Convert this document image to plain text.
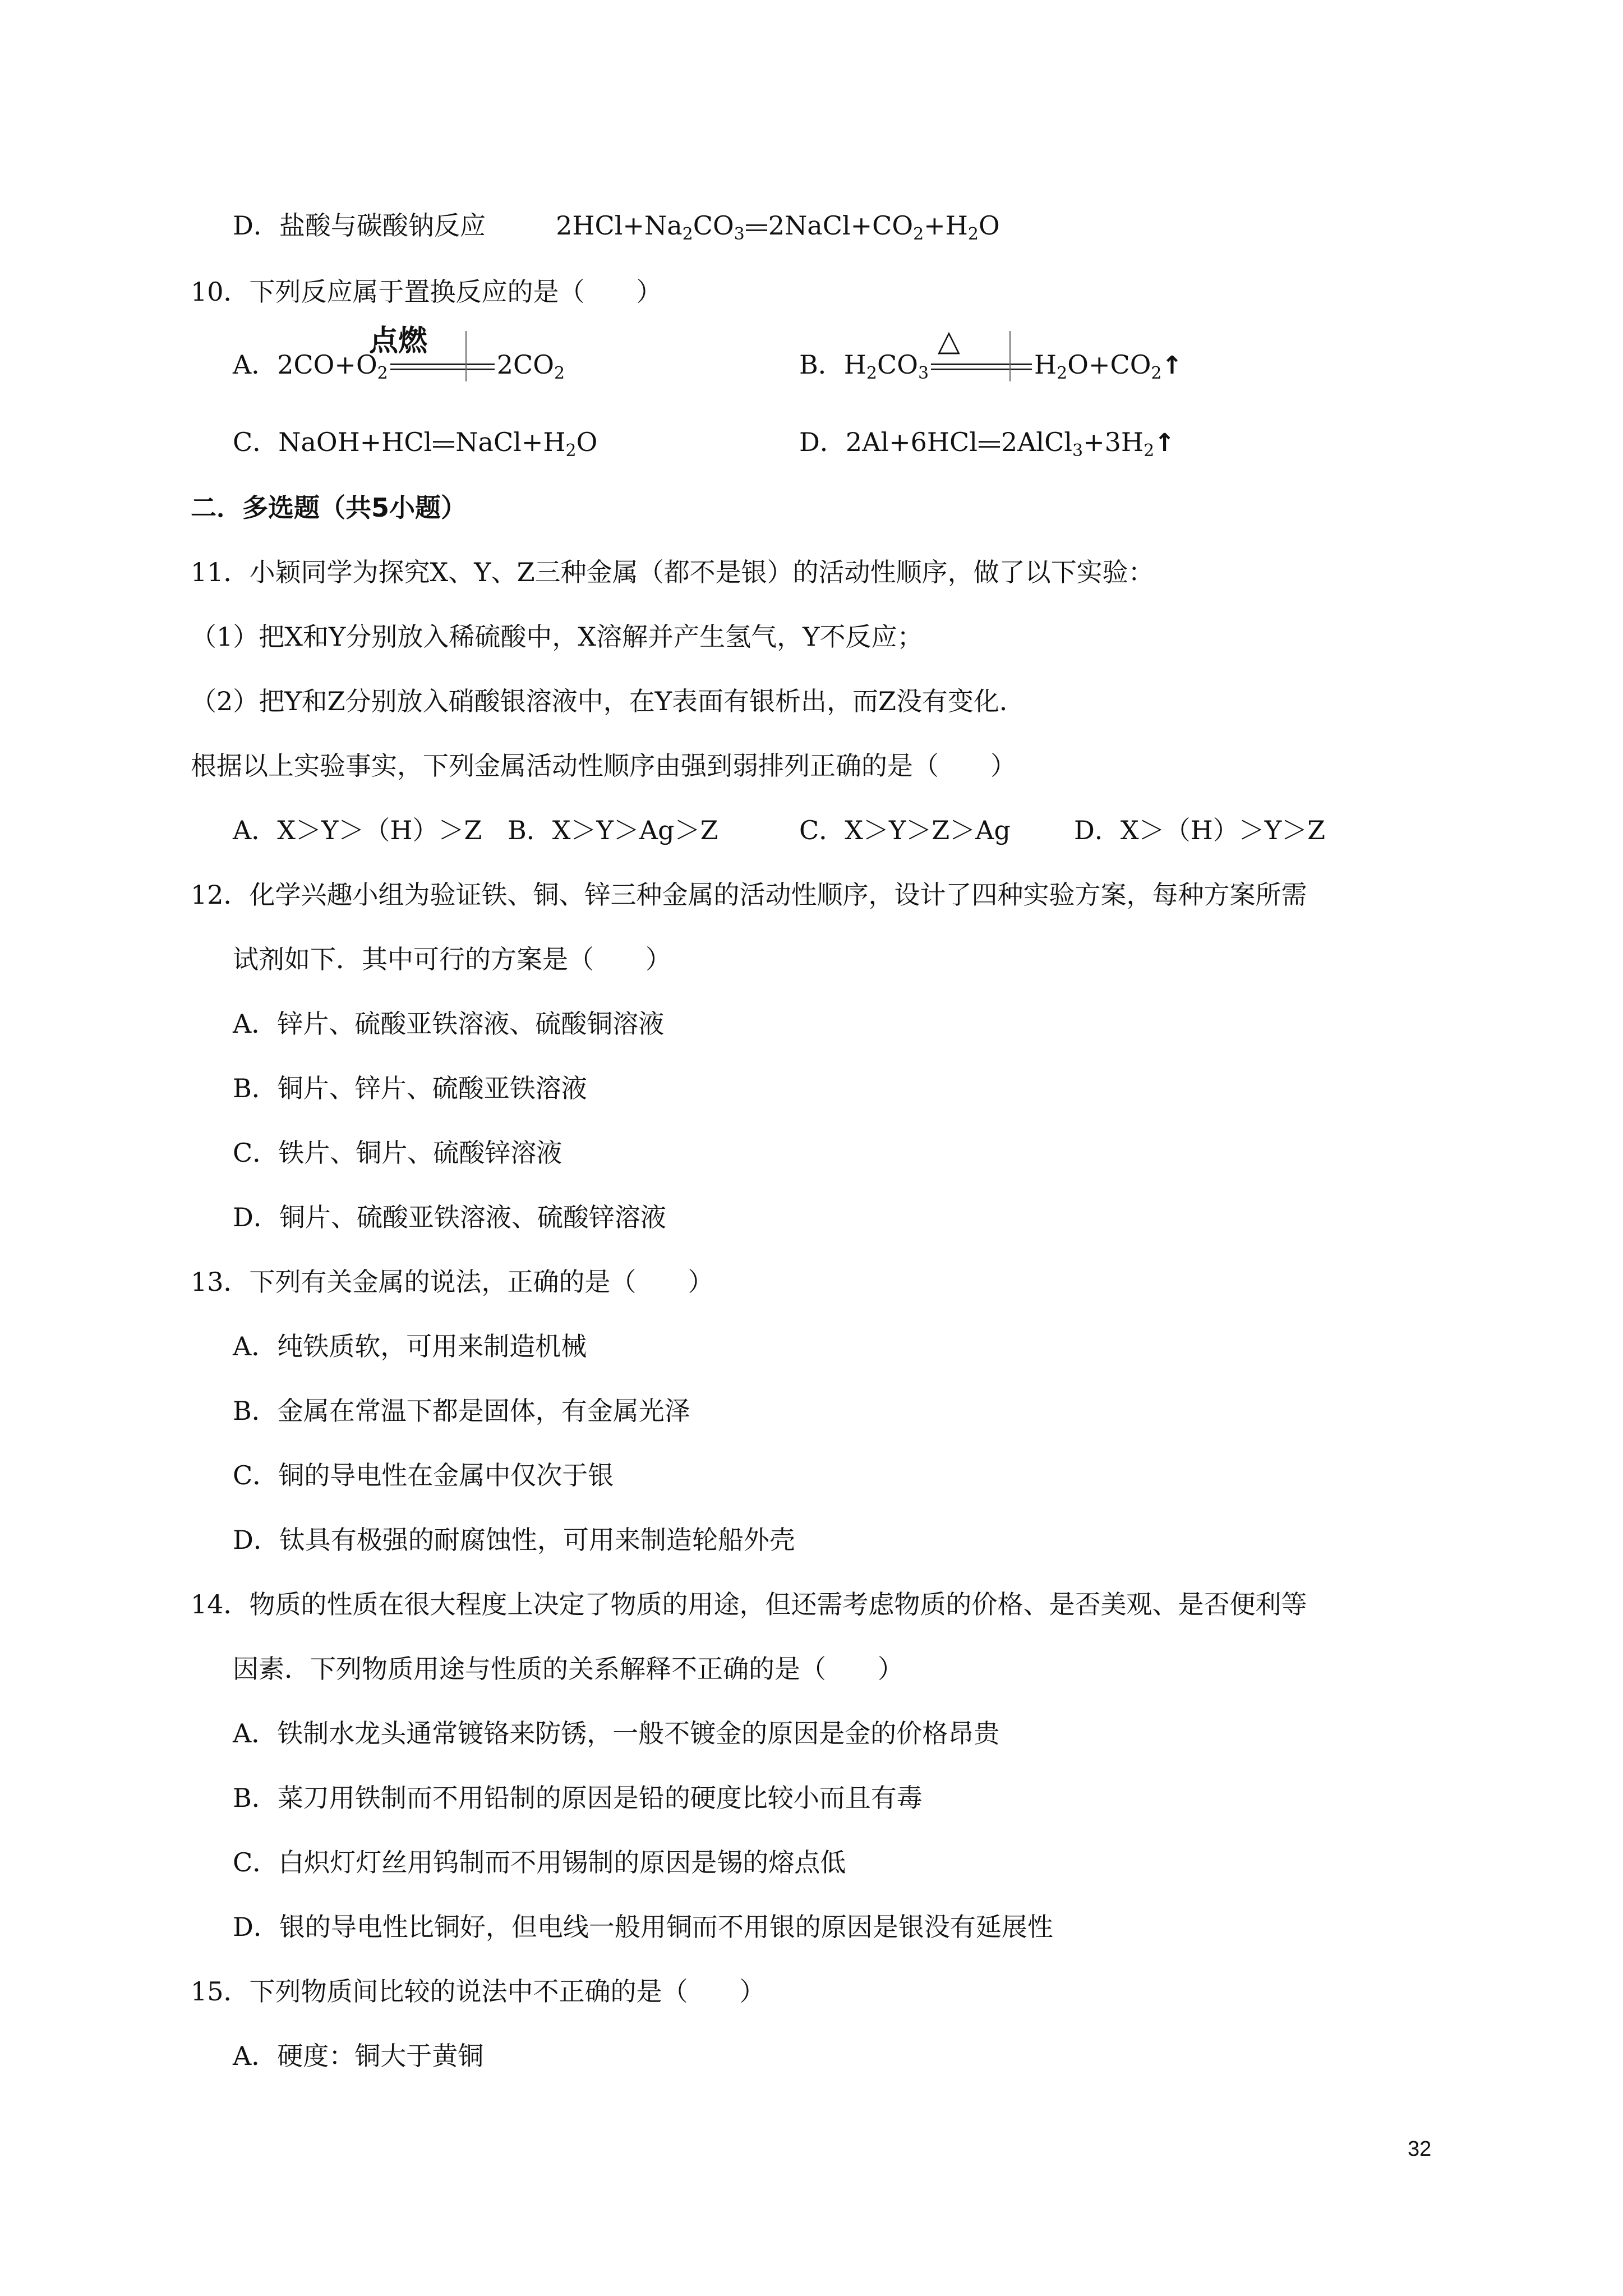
D．盐酸与碳酸钠反应	$2HCl+Na_2CO_3$ $2NaCl+CO_2+H_2O$
10．下列反应属于置换反应的是（　　）
A．$2CO+O_2$	$2CO_2$
点燃
B．$H_2CO_3$	$H_2O+CO_2↑$
△
C．NaOH+HCl $NaCl+H_2O$	D．2Al+6HCl $2AlCl_3+3H_2↑$
二．多选题（共5小题）
11．小颖同学为探究X、Y、Z三种金属（都不是银）的活动性顺序，做了以下实验：
（1）把X和Y分别放入稀硫酸中，X溶解并产生氢气，Y不反应；
（2）把Y和Z分别放入硝酸银溶液中，在Y表面有银析出，而Z没有变化．
根据以上实验事实，下列金属活动性顺序由强到弱排列正确的是（　　）
A．X＞Y＞（H）＞Z B．X＞Y＞Ag＞Z	C．X＞Y＞Z＞Ag D．X＞（H）＞Y＞Z
12．化学兴趣小组为验证铁、铜、锌三种金属的活动性顺序，设计了四种实验方案，每种方案所需
试剂如下．其中可行的方案是（　　）
A．锌片、硫酸亚铁溶液、硫酸铜溶液
B．铜片、锌片、硫酸亚铁溶液
C．铁片、铜片、硫酸锌溶液
D．铜片、硫酸亚铁溶液、硫酸锌溶液
13．下列有关金属的说法，正确的是（　　）
A．纯铁质软，可用来制造机械
B．金属在常温下都是固体，有金属光泽
C．铜的导电性在金属中仅次于银
D．钛具有极强的耐腐蚀性，可用来制造轮船外壳
14．物质的性质在很大程度上决定了物质的用途，但还需考虑物质的价格、是否美观、是否便利等
因素．下列物质用途与性质的关系解释不正确的是（　　）
A．铁制水龙头通常镀铬来防锈，一般不镀金的原因是金的价格昂贵
B．菜刀用铁制而不用铅制的原因是铅的硬度比较小而且有毒
C．白炽灯灯丝用钨制而不用锡制的原因是锡的熔点低
D．银的导电性比铜好，但电线一般用铜而不用银的原因是银没有延展性
15．下列物质间比较的说法中不正确的是（　　）
A．硬度：铜大于黄铜
32
